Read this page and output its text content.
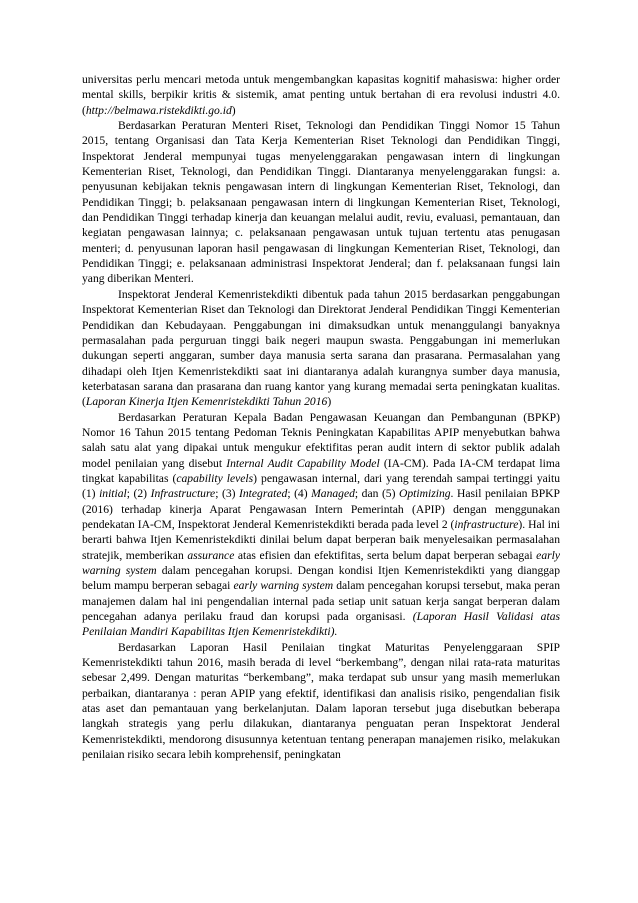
universitas perlu mencari metoda untuk mengembangkan kapasitas kognitif mahasiswa: higher order mental skills, berpikir kritis & sistemik, amat penting untuk bertahan di era revolusi industri 4.0. (http://belmawa.ristekdikti.go.id)

Berdasarkan Peraturan Menteri Riset, Teknologi dan Pendidikan Tinggi Nomor 15 Tahun 2015, tentang Organisasi dan Tata Kerja Kementerian Riset Teknologi dan Pendidikan Tinggi, Inspektorat Jenderal mempunyai tugas menyelenggarakan pengawasan intern di lingkungan Kementerian Riset, Teknologi, dan Pendidikan Tinggi. Diantaranya menyelenggarakan fungsi: a. penyusunan kebijakan teknis pengawasan intern di lingkungan Kementerian Riset, Teknologi, dan Pendidikan Tinggi; b. pelaksanaan pengawasan intern di lingkungan Kementerian Riset, Teknologi, dan Pendidikan Tinggi terhadap kinerja dan keuangan melalui audit, reviu, evaluasi, pemantauan, dan kegiatan pengawasan lainnya; c. pelaksanaan pengawasan untuk tujuan tertentu atas penugasan menteri; d. penyusunan laporan hasil pengawasan di lingkungan Kementerian Riset, Teknologi, dan Pendidikan Tinggi; e. pelaksanaan administrasi Inspektorat Jenderal; dan f. pelaksanaan fungsi lain yang diberikan Menteri.

Inspektorat Jenderal Kemenristekdikti dibentuk pada tahun 2015 berdasarkan penggabungan Inspektorat Kementerian Riset dan Teknologi dan Direktorat Jenderal Pendidikan Tinggi Kementerian Pendidikan dan Kebudayaan. Penggabungan ini dimaksudkan untuk menanggulangi banyaknya permasalahan pada perguruan tinggi baik negeri maupun swasta. Penggabungan ini memerlukan dukungan seperti anggaran, sumber daya manusia serta sarana dan prasarana. Permasalahan yang dihadapi oleh Itjen Kemenristekdikti saat ini diantaranya adalah kurangnya sumber daya manusia, keterbatasan sarana dan prasarana dan ruang kantor yang kurang memadai serta peningkatan kualitas. (Laporan Kinerja Itjen Kemenristekdikti Tahun 2016)

Berdasarkan Peraturan Kepala Badan Pengawasan Keuangan dan Pembangunan (BPKP) Nomor 16 Tahun 2015 tentang Pedoman Teknis Peningkatan Kapabilitas APIP menyebutkan bahwa salah satu alat yang dipakai untuk mengukur efektifitas peran audit intern di sektor publik adalah model penilaian yang disebut Internal Audit Capability Model (IA-CM). Pada IA-CM terdapat lima tingkat kapabilitas (capability levels) pengawasan internal, dari yang terendah sampai tertinggi yaitu (1) initial; (2) Infrastructure; (3) Integrated; (4) Managed; dan (5) Optimizing. Hasil penilaian BPKP (2016) terhadap kinerja Aparat Pengawasan Intern Pemerintah (APIP) dengan menggunakan pendekatan IA-CM, Inspektorat Jenderal Kemenristekdikti berada pada level 2 (infrastructure). Hal ini berarti bahwa Itjen Kemenristekdikti dinilai belum dapat berperan baik menyelesaikan permasalahan stratejik, memberikan assurance atas efisien dan efektifitas, serta belum dapat berperan sebagai early warning system dalam pencegahan korupsi. Dengan kondisi Itjen Kemenristekdikti yang dianggap belum mampu berperan sebagai early warning system dalam pencegahan korupsi tersebut, maka peran manajemen dalam hal ini pengendalian internal pada setiap unit satuan kerja sangat berperan dalam pencegahan adanya perilaku fraud dan korupsi pada organisasi. (Laporan Hasil Validasi atas Penilaian Mandiri Kapabilitas Itjen Kemenristekdikti).

Berdasarkan Laporan Hasil Penilaian tingkat Maturitas Penyelenggaraan SPIP Kemenristekdikti tahun 2016, masih berada di level “berkembang”, dengan nilai rata-rata maturitas sebesar 2,499. Dengan maturitas “berkembang”, maka terdapat sub unsur yang masih memerlukan perbaikan, diantaranya : peran APIP yang efektif, identifikasi dan analisis risiko, pengendalian fisik atas aset dan pemantauan yang berkelanjutan. Dalam laporan tersebut juga disebutkan beberapa langkah strategis yang perlu dilakukan, diantaranya penguatan peran Inspektorat Jenderal Kemenristekdikti, mendorong disusunnya ketentuan tentang penerapan manajemen risiko, melakukan penilaian risiko secara lebih komprehensif, peningkatan
